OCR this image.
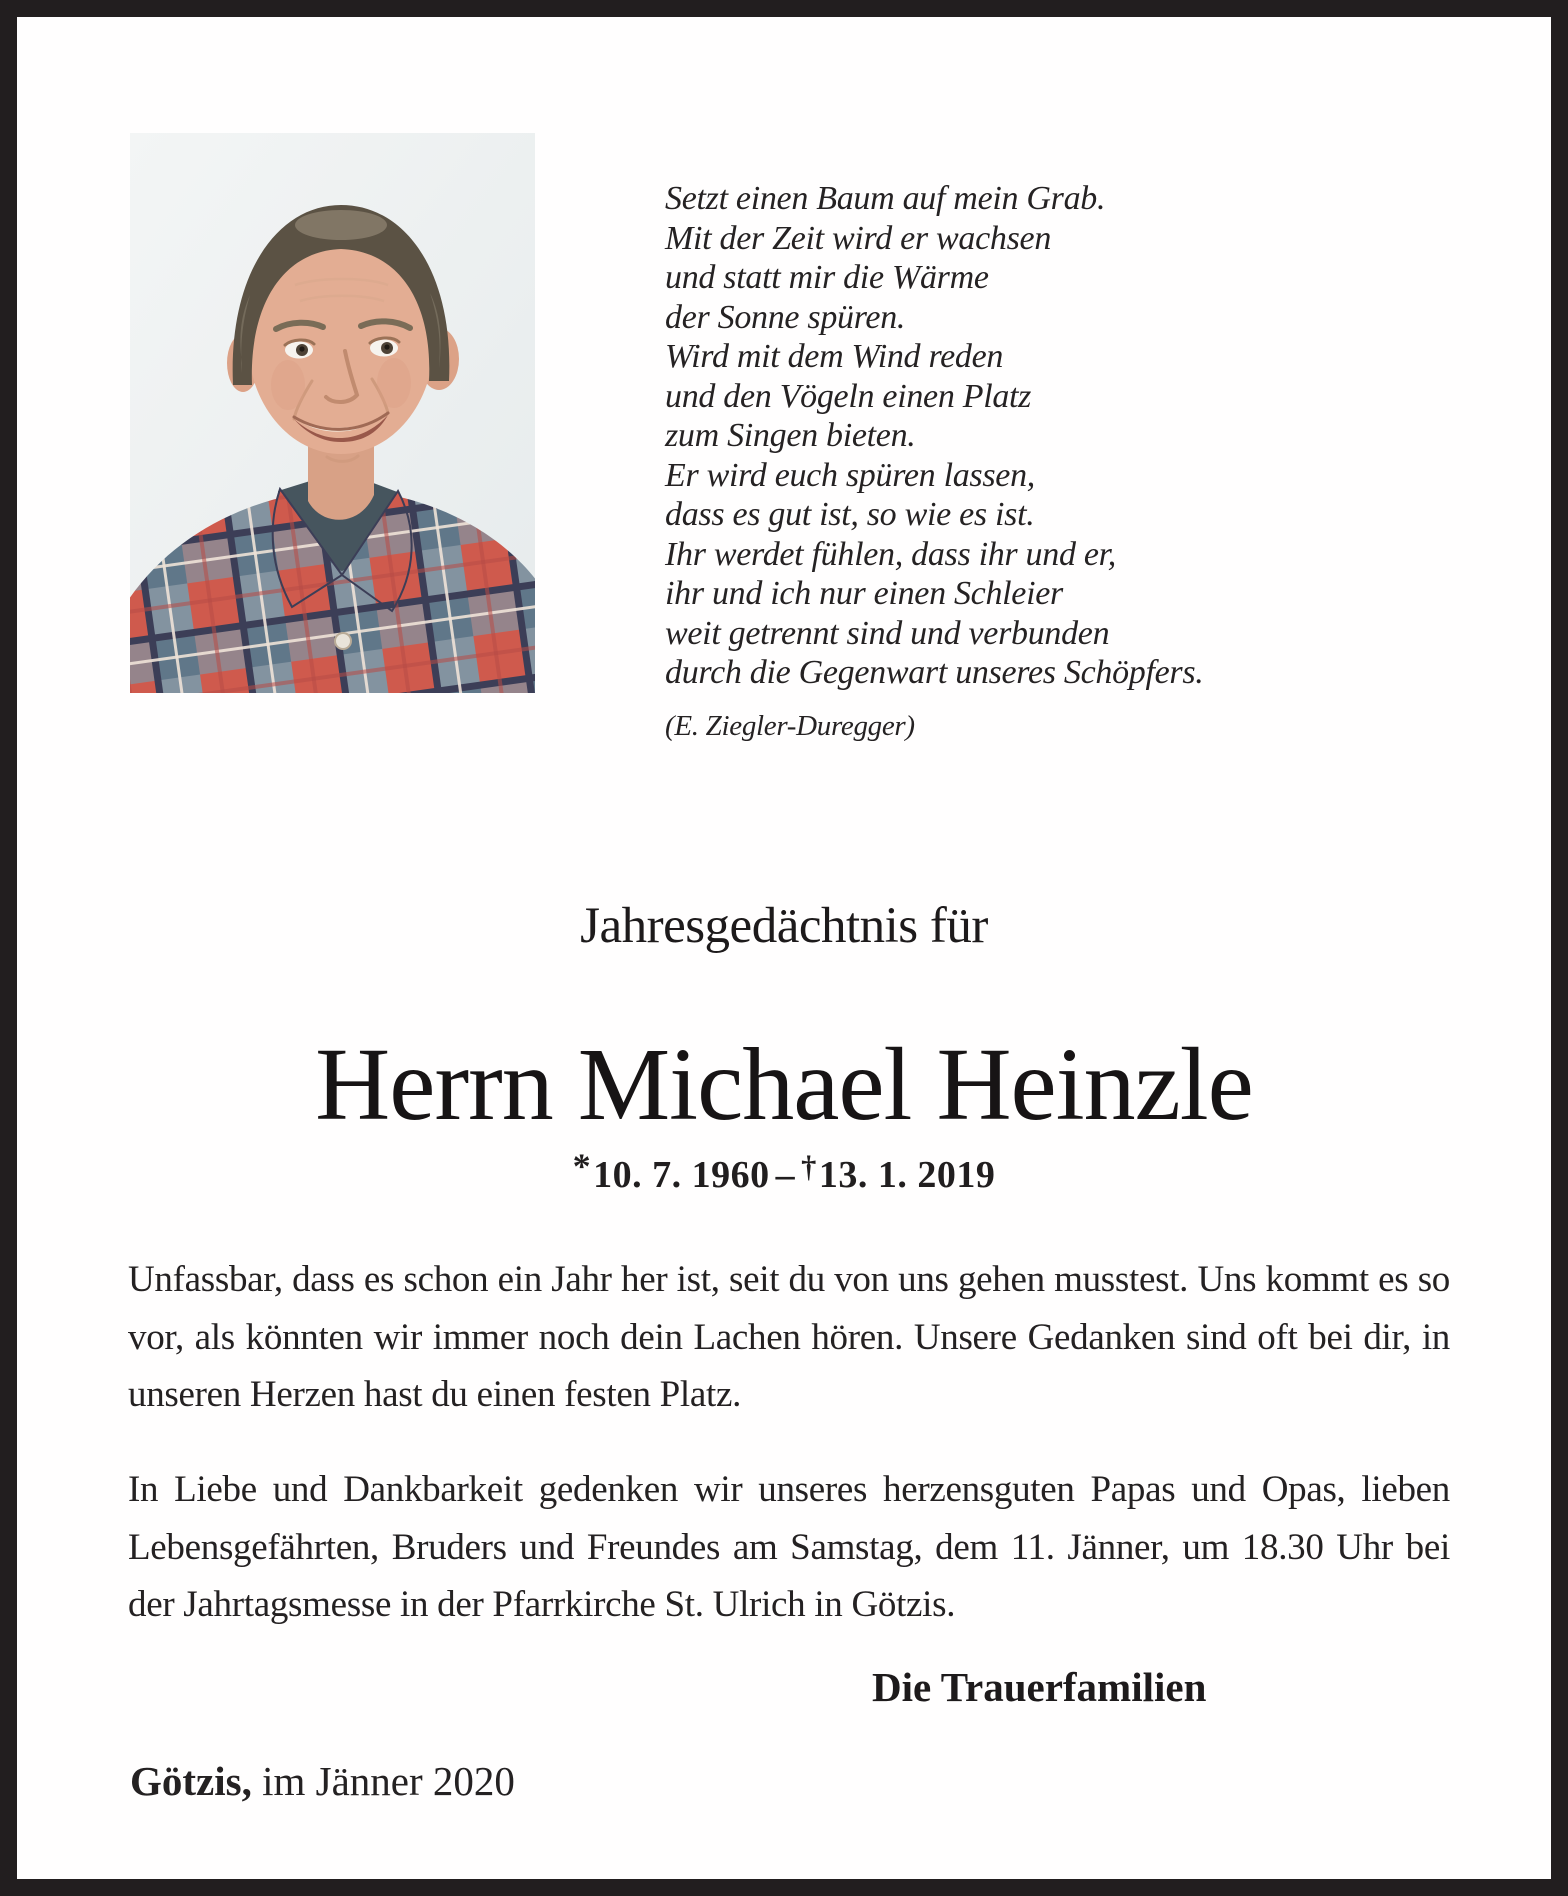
Setzt einen Baum auf mein Grab.
Mit der Zeit wird er wachsen
und statt mir die Wärme
der Sonne spüren.
Wird mit dem Wind reden
und den Vögeln einen Platz
zum Singen bieten.
Er wird euch spüren lassen,
dass es gut ist, so wie es ist.
Ihr werdet fühlen, dass ihr und er,
ihr und ich nur einen Schleier
weit getrennt sind und verbunden
durch die Gegenwart unseres Schöpfers.
(E. Ziegler-Duregger)
Jahresgedächtnis für
Herrn Michael Heinzle
*10. 7. 1960 – †13. 1. 2019

Unfassbar, dass es schon ein Jahr her ist, seit du von uns gehen musstest. Uns kommt es so vor, als könnten wir immer noch dein Lachen hören. Unsere Gedanken sind oft bei dir, in unseren Herzen hast du einen festen Platz.

In Liebe und Dankbarkeit gedenken wir unseres herzensguten Papas und Opas, lieben Lebensgefährten, Bruders und Freundes am Samstag, dem 11. Jänner, um 18.30 Uhr bei der Jahrtagsmesse in der Pfarrkirche St. Ulrich in Götzis.

Die Trauerfamilien
Götzis, im Jänner 2020
